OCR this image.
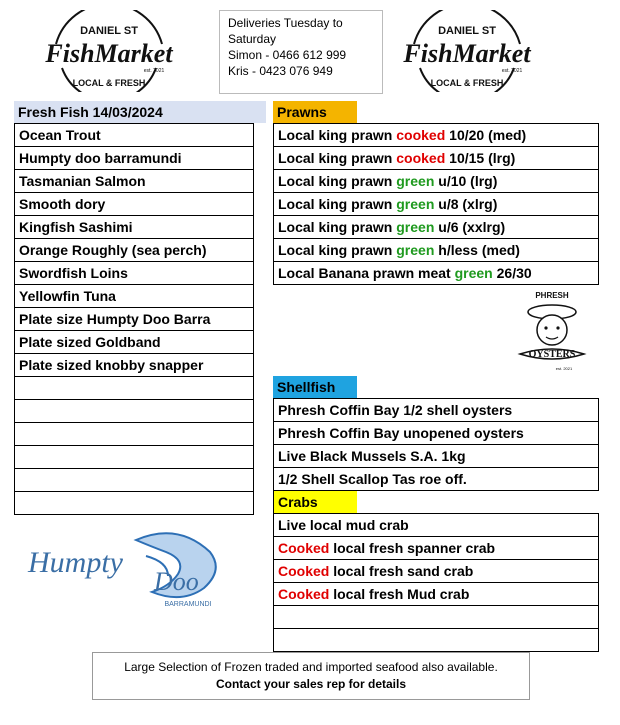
DANIEL ST
FishMarket
est. 2021
LOCAL & FRESH
Deliveries Tuesday to
Saturday
Simon - 0466 612 999
Kris - 0423 076 949
DANIEL ST
FishMarket
est. 2021
LOCAL & FRESH
Fresh Fish 14/03/2024
Ocean Trout
Humpty doo barramundi
Tasmanian Salmon
Smooth dory
Kingfish Sashimi
Orange Roughly (sea perch)
Swordfish Loins
Yellowfin Tuna
Plate size Humpty Doo Barra
Plate sized Goldband
Plate sized knobby snapper
Prawns
Local king prawn cooked 10/20 (med)
Local king prawn cooked 10/15 (lrg)
Local king prawn green u/10 (lrg)
Local king prawn green u/8 (xlrg)
Local king prawn green u/6 (xxlrg)
Local king prawn green h/less (med)
Local Banana prawn meat green 26/30
PHRESH
OYSTERS
est. 2021
Shellfish
Phresh Coffin Bay 1/2 shell oysters
Phresh Coffin Bay unopened oysters
Live Black Mussels S.A. 1kg
1/2 Shell Scallop Tas roe off.
Crabs
Live local mud crab
Cooked local fresh spanner crab
Cooked local fresh sand crab
Cooked local fresh Mud crab
Humpty
Doo
BARRAMUNDI
Large Selection of Frozen traded and imported seafood also available.
Contact your sales rep for details
